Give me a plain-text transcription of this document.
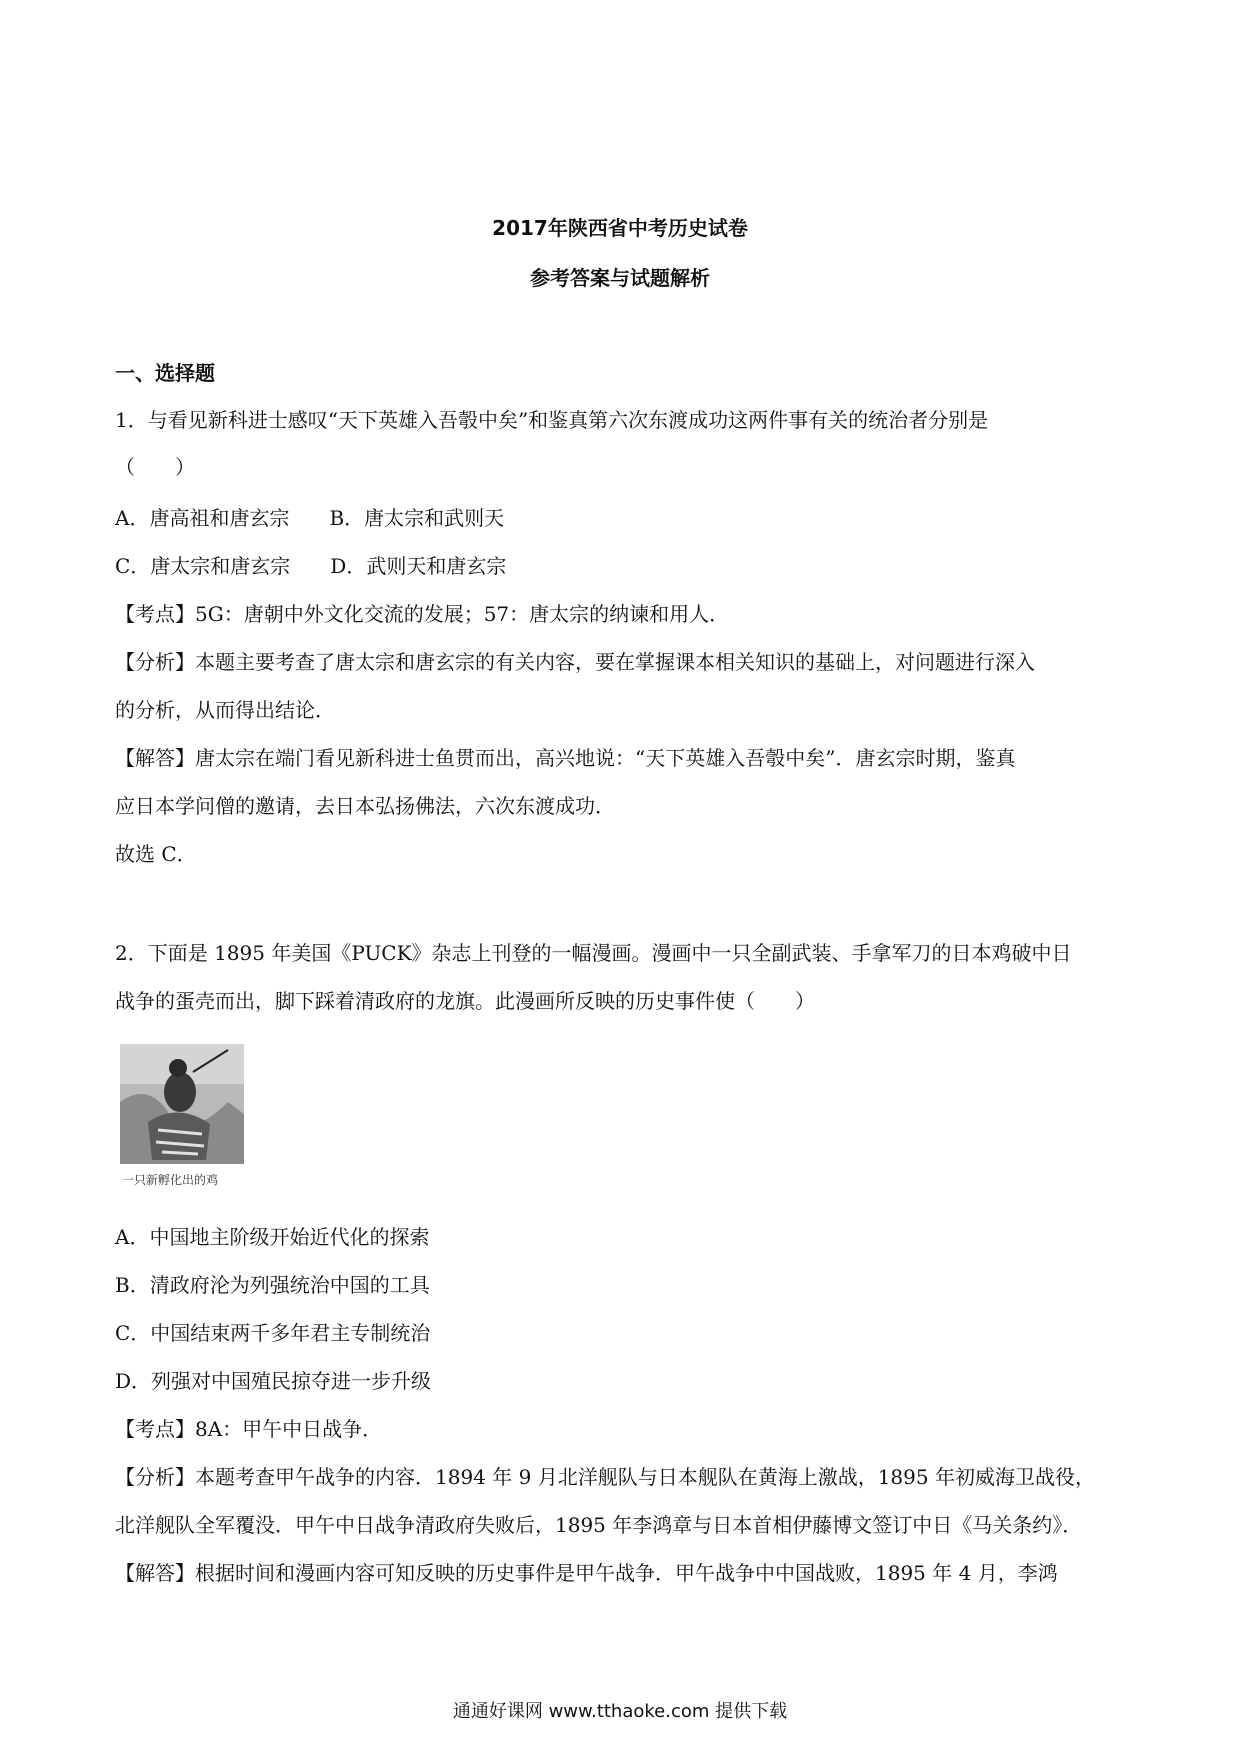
2017年陕西省中考历史试卷
参考答案与试题解析
一、选择题
1．与看见新科进士感叹“天下英雄入吾彀中矣”和鉴真第六次东渡成功这两件事有关的统治者分别是
（　　）
A．唐高祖和唐玄宗　　B．唐太宗和武则天
C．唐太宗和唐玄宗　　D．武则天和唐玄宗
【考点】5G：唐朝中外文化交流的发展；57：唐太宗的纳谏和用人．
【分析】本题主要考查了唐太宗和唐玄宗的有关内容，要在掌握课本相关知识的基础上，对问题进行深入
的分析，从而得出结论．
【解答】唐太宗在端门看见新科进士鱼贯而出，高兴地说：“天下英雄入吾彀中矣”．唐玄宗时期，鉴真
应日本学问僧的邀请，去日本弘扬佛法，六次东渡成功．
故选 C．
2．下面是 1895 年美国《PUCK》杂志上刊登的一幅漫画。漫画中一只全副武装、手拿军刀的日本鸡破中日
战争的蛋壳而出，脚下踩着清政府的龙旗。此漫画所反映的历史事件使（　　）
一只新孵化出的鸡
A．中国地主阶级开始近代化的探索
B．清政府沦为列强统治中国的工具
C．中国结束两千多年君主专制统治
D．列强对中国殖民掠夺进一步升级
【考点】8A：甲午中日战争．
【分析】本题考查甲午战争的内容．1894 年 9 月北洋舰队与日本舰队在黄海上激战，1895 年初威海卫战役，
北洋舰队全军覆没．甲午中日战争清政府失败后，1895 年李鸿章与日本首相伊藤博文签订中日《马关条约》．
【解答】根据时间和漫画内容可知反映的历史事件是甲午战争．甲午战争中中国战败，1895 年 4 月，李鸿
通通好课网 www.tthaoke.com 提供下载
